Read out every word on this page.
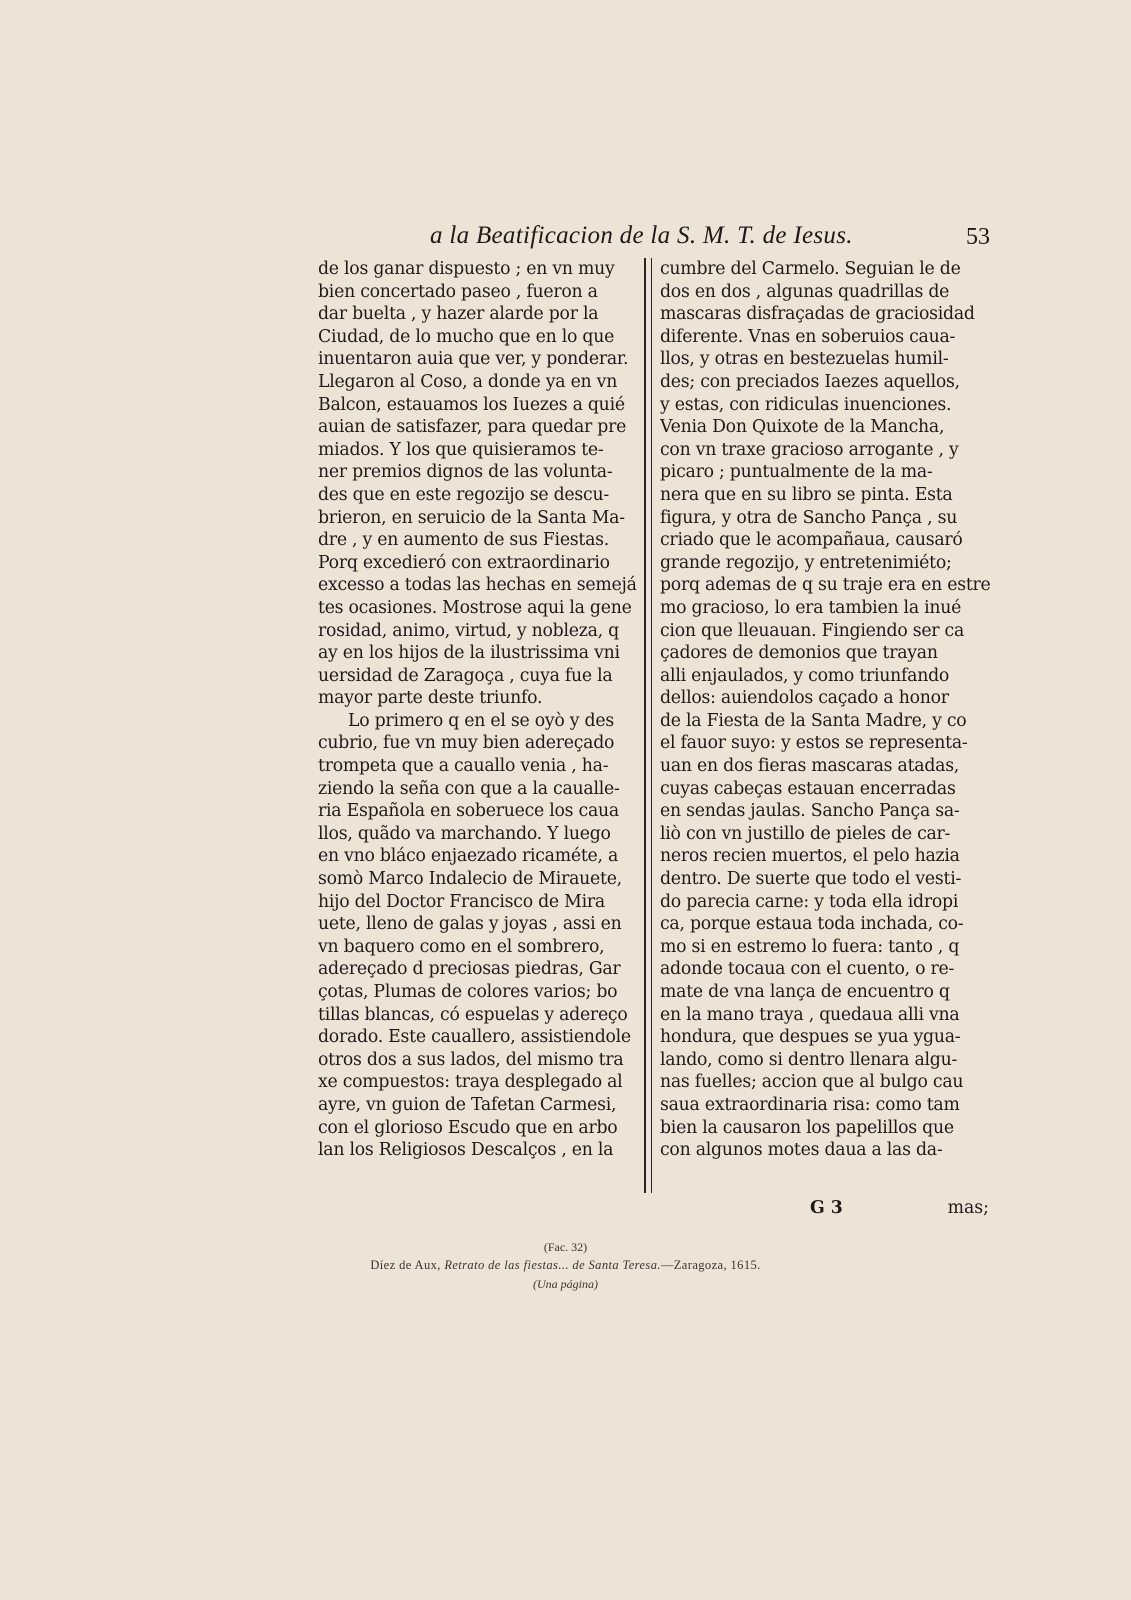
a la Beatificacion de la S. M. T. de Iesus.	53
de los ganar dispuesto ; en vn muy
bien concertado paseo , fueron a
dar buelta , y hazer alarde por la
Ciudad, de lo mucho que en lo que
inuentaron auia que ver, y ponderar.
Llegaron al Coso, a donde ya en vn
Balcon, estauamos los Iuezes a quié
auian de satisfazer, para quedar pre
miados. Y los que quisieramos te-
ner premios dignos de las volunta-
des que en este regozijo se descu-
brieron, en seruicio de la Santa Ma-
dre , y en aumento de sus Fiestas.
Porq excedieró con extraordinario
excesso a todas las hechas en semejá
tes ocasiones. Mostrose aqui la gene
rosidad, animo, virtud, y nobleza, q
ay en los hijos de la ilustrissima vni
uersidad de Zaragoça , cuya fue la
mayor parte deste triunfo.
Lo primero q en el se oyò y des
cubrio, fue vn muy bien adereçado
trompeta que a cauallo venia , ha-
ziendo la seña con que a la caualle-
ria Española en soberuece los caua
llos, quãdo va marchando. Y luego
en vno bláco enjaezado ricaméte, a
somò Marco Indalecio de Mirauete,
hijo del Doctor Francisco de Mira
uete, lleno de galas y joyas , assi en
vn baquero como en el sombrero,
adereçado d preciosas piedras, Gar
çotas, Plumas de colores varios; bo
tillas blancas, có espuelas y adereço
dorado. Este cauallero, assistiendole
otros dos a sus lados, del mismo tra
xe compuestos: traya desplegado al
ayre, vn guion de Tafetan Carmesi,
con el glorioso Escudo que en arbo
lan los Religiosos Descalços , en la
cumbre del Carmelo. Seguian le de
dos en dos , algunas quadrillas de
mascaras disfraçadas de graciosidad
diferente. Vnas en soberuios caua-
llos, y otras en bestezuelas humil-
des; con preciados Iaezes aquellos,
y estas, con ridiculas inuenciones.
Venia Don Quixote de la Mancha,
con vn traxe gracioso arrogante , y
picaro ; puntualmente de la ma-
nera que en su libro se pinta. Esta
figura, y otra de Sancho Pança , su
criado que le acompañaua, causaró
grande regozijo, y entretenimiéto;
porq ademas de q su traje era en estre
mo gracioso, lo era tambien la inué
cion que lleuauan. Fingiendo ser ca
çadores de demonios que trayan
alli enjaulados, y como triunfando
dellos: auiendolos caçado a honor
de la Fiesta de la Santa Madre, y co
el fauor suyo: y estos se representa-
uan en dos fieras mascaras atadas,
cuyas cabeças estauan encerradas
en sendas jaulas. Sancho Pança sa-
liò con vn justillo de pieles de car-
neros recien muertos, el pelo hazia
dentro. De suerte que todo el vesti-
do parecia carne: y toda ella idropi
ca, porque estaua toda inchada, co-
mo si en estremo lo fuera: tanto , q
adonde tocaua con el cuento, o re-
mate de vna lança de encuentro q
en la mano traya , quedaua alli vna
hondura, que despues se yua ygua-
lando, como si dentro llenara algu-
nas fuelles; accion que al bulgo cau
saua extraordinaria risa: como tam
bien la causaron los papelillos que
con algunos motes daua a las da-
G 3	mas;
(Fac. 32)
Díez de Aux, Retrato de las fiestas... de Santa Teresa.—Zaragoza, 1615.
(Una página)
